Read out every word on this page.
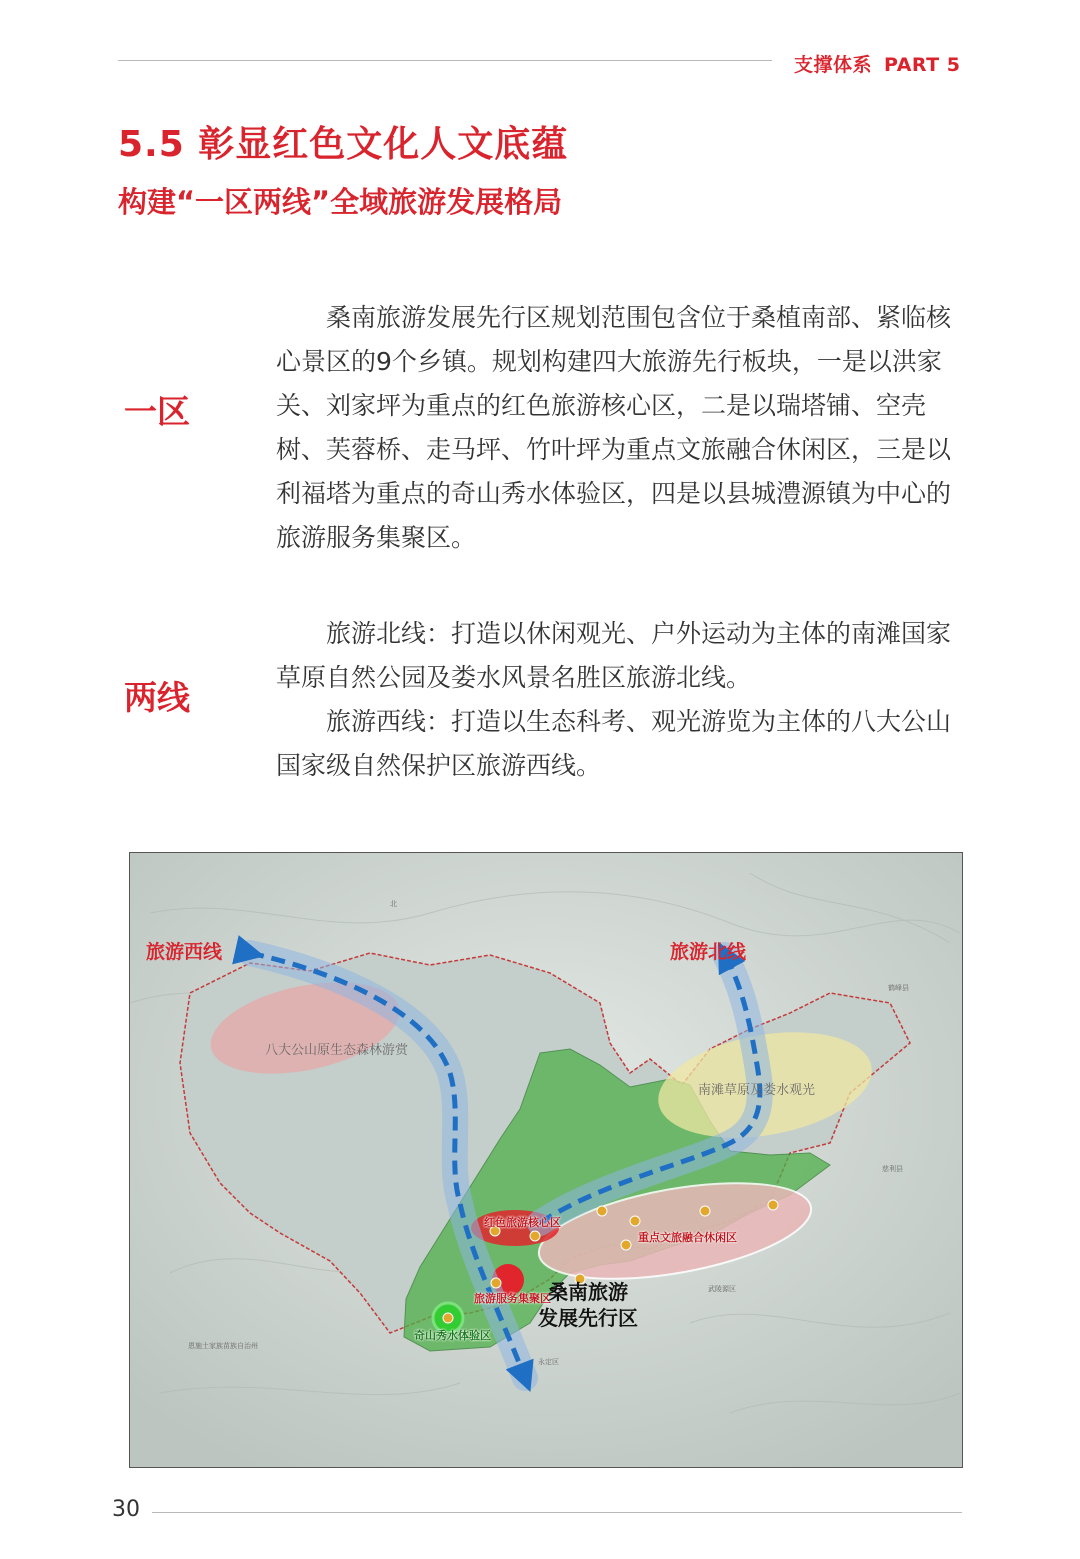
支撑体系 PART 5
5.5 彰显红色文化人文底蕴
构建“一区两线”全域旅游发展格局
一区

桑南旅游发展先行区规划范围包含位于桑植南部、紧临核心景区的9个乡镇。规划构建四大旅游先行板块，一是以洪家关、刘家坪为重点的红色旅游核心区，二是以瑞塔铺、空壳树、芙蓉桥、走马坪、竹叶坪为重点文旅融合休闲区，三是以利福塔为重点的奇山秀水体验区，四是以县城澧源镇为中心的旅游服务集聚区。

两线

旅游北线：打造以休闲观光、户外运动为主体的南滩国家草原自然公园及娄水风景名胜区旅游北线。

旅游西线：打造以生态科考、观光游览为主体的八大公山国家级自然保护区旅游西线。

旅游西线	旅游北线
八大公山原生态森林游赏
南滩草原及娄水观光
红色旅游核心区
重点文旅融合休闲区
旅游服务集聚区
奇山秀水体验区
桑南旅游
发展先行区
北
鹤峰县
慈利县
武陵源区
永定区
恩施土家族苗族自治州
30
